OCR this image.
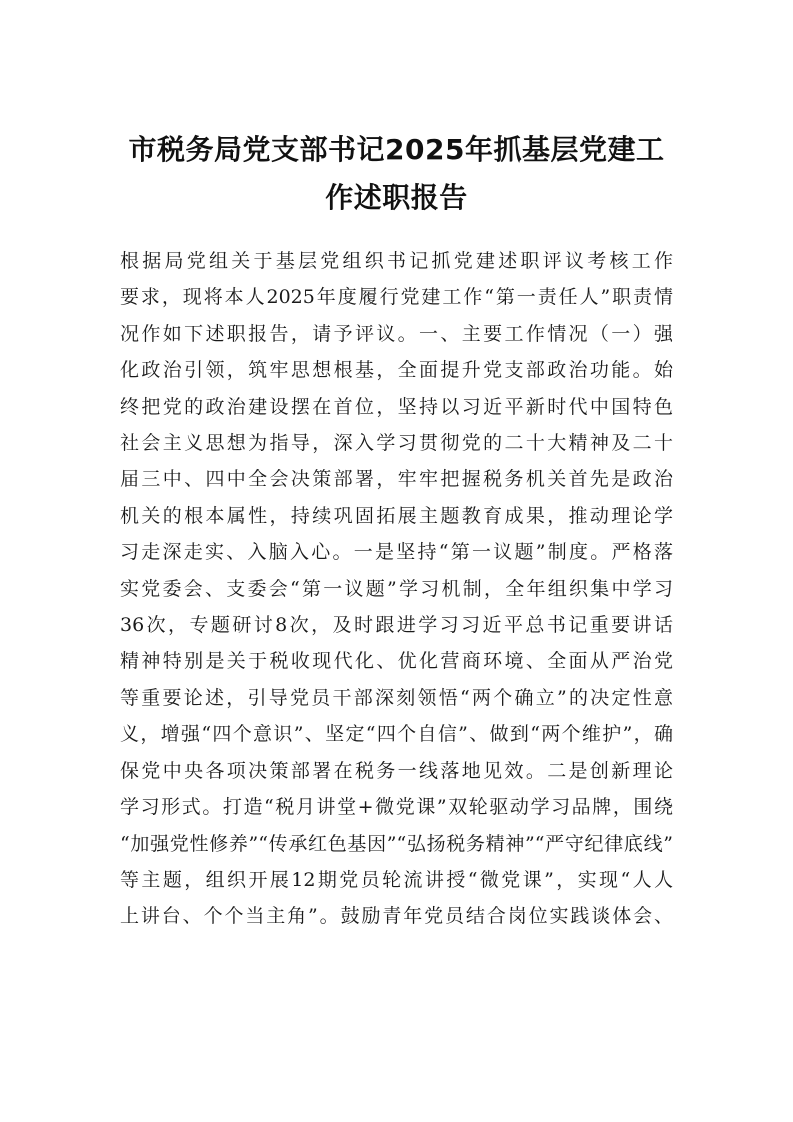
市税务局党支部书记2025年抓基层党建工
作述职报告
根据局党组关于基层党组织书记抓党建述职评议考核工作
要求，现将本人2025年度履行党建工作“第一责任人”职责情
况作如下述职报告，请予评议。一、主要工作情况（一）强
化政治引领，筑牢思想根基，全面提升党支部政治功能。始
终把党的政治建设摆在首位，坚持以习近平新时代中国特色
社会主义思想为指导，深入学习贯彻党的二十大精神及二十
届三中、四中全会决策部署，牢牢把握税务机关首先是政治
机关的根本属性，持续巩固拓展主题教育成果，推动理论学
习走深走实、入脑入心。一是坚持“第一议题”制度。严格落
实党委会、支委会“第一议题”学习机制，全年组织集中学习
36次，专题研讨8次，及时跟进学习习近平总书记重要讲话
精神特别是关于税收现代化、优化营商环境、全面从严治党
等重要论述，引导党员干部深刻领悟“两个确立”的决定性意
义，增强“四个意识”、坚定“四个自信”、做到“两个维护”，确
保党中央各项决策部署在税务一线落地见效。二是创新理论
学习形式。打造“税月讲堂+微党课”双轮驱动学习品牌，围绕
“加强党性修养”“传承红色基因”“弘扬税务精神”“严守纪律底线”
等主题，组织开展12期党员轮流讲授“微党课”，实现“人人
上讲台、个个当主角”。鼓励青年党员结合岗位实践谈体会、
